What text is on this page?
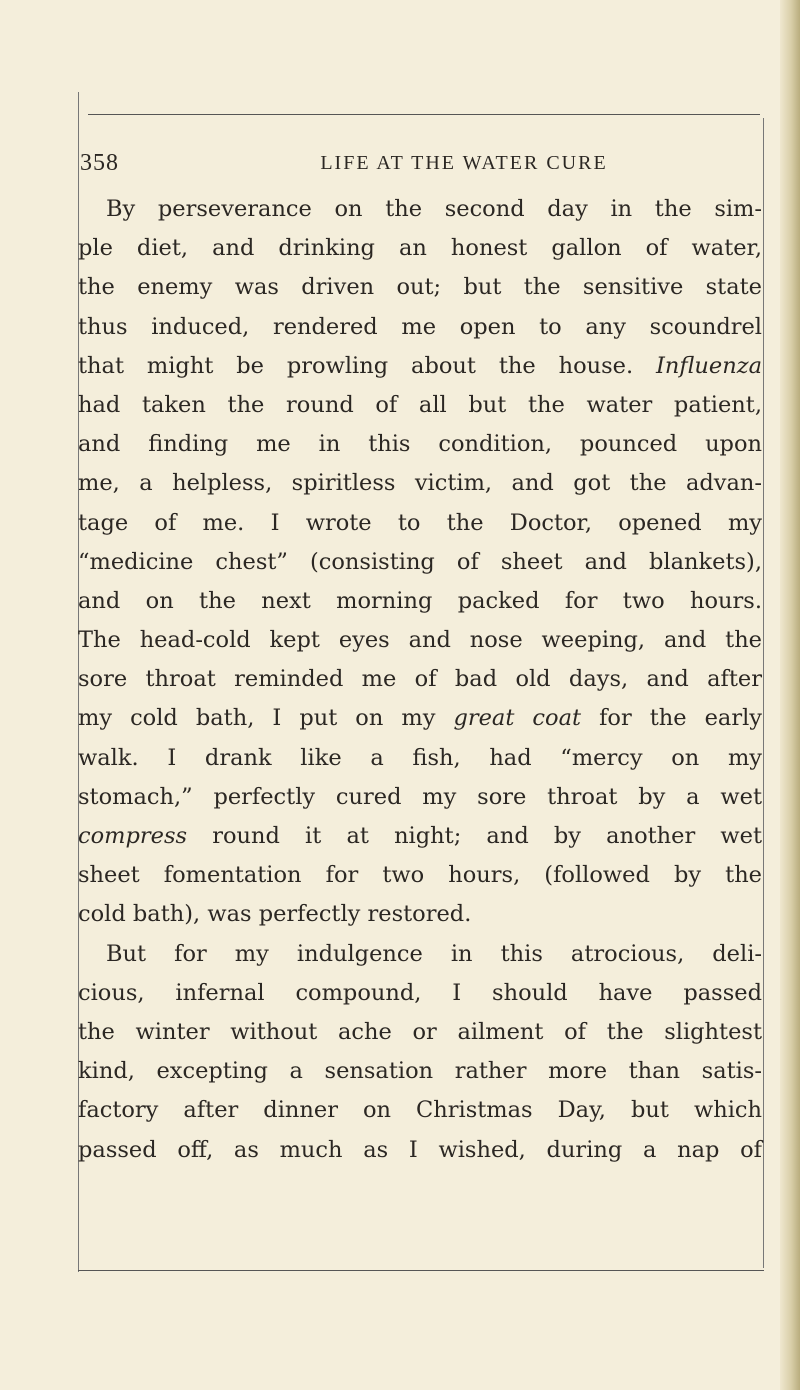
358	LIFE AT THE WATER CURE
By perseverance on the second day in the sim-
ple diet, and drinking an honest gallon of water,
the enemy was driven out; but the sensitive state
thus induced, rendered me open to any scoundrel
that might be prowling about the house. Influenza
had taken the round of all but the water patient,
and finding me in this condition, pounced upon
me, a helpless, spiritless victim, and got the advan-
tage of me. I wrote to the Doctor, opened my
“medicine chest” (consisting of sheet and blankets),
and on the next morning packed for two hours.
The head-cold kept eyes and nose weeping, and the
sore throat reminded me of bad old days, and after
my cold bath, I put on my great coat for the early
walk. I drank like a fish, had “mercy on my
stomach,” perfectly cured my sore throat by a wet
compress round it at night; and by another wet
sheet fomentation for two hours, (followed by the
cold bath), was perfectly restored.
But for my indulgence in this atrocious, deli-
cious, infernal compound, I should have passed
the winter without ache or ailment of the slightest
kind, excepting a sensation rather more than satis-
factory after dinner on Christmas Day, but which
passed off, as much as I wished, during a nap of
